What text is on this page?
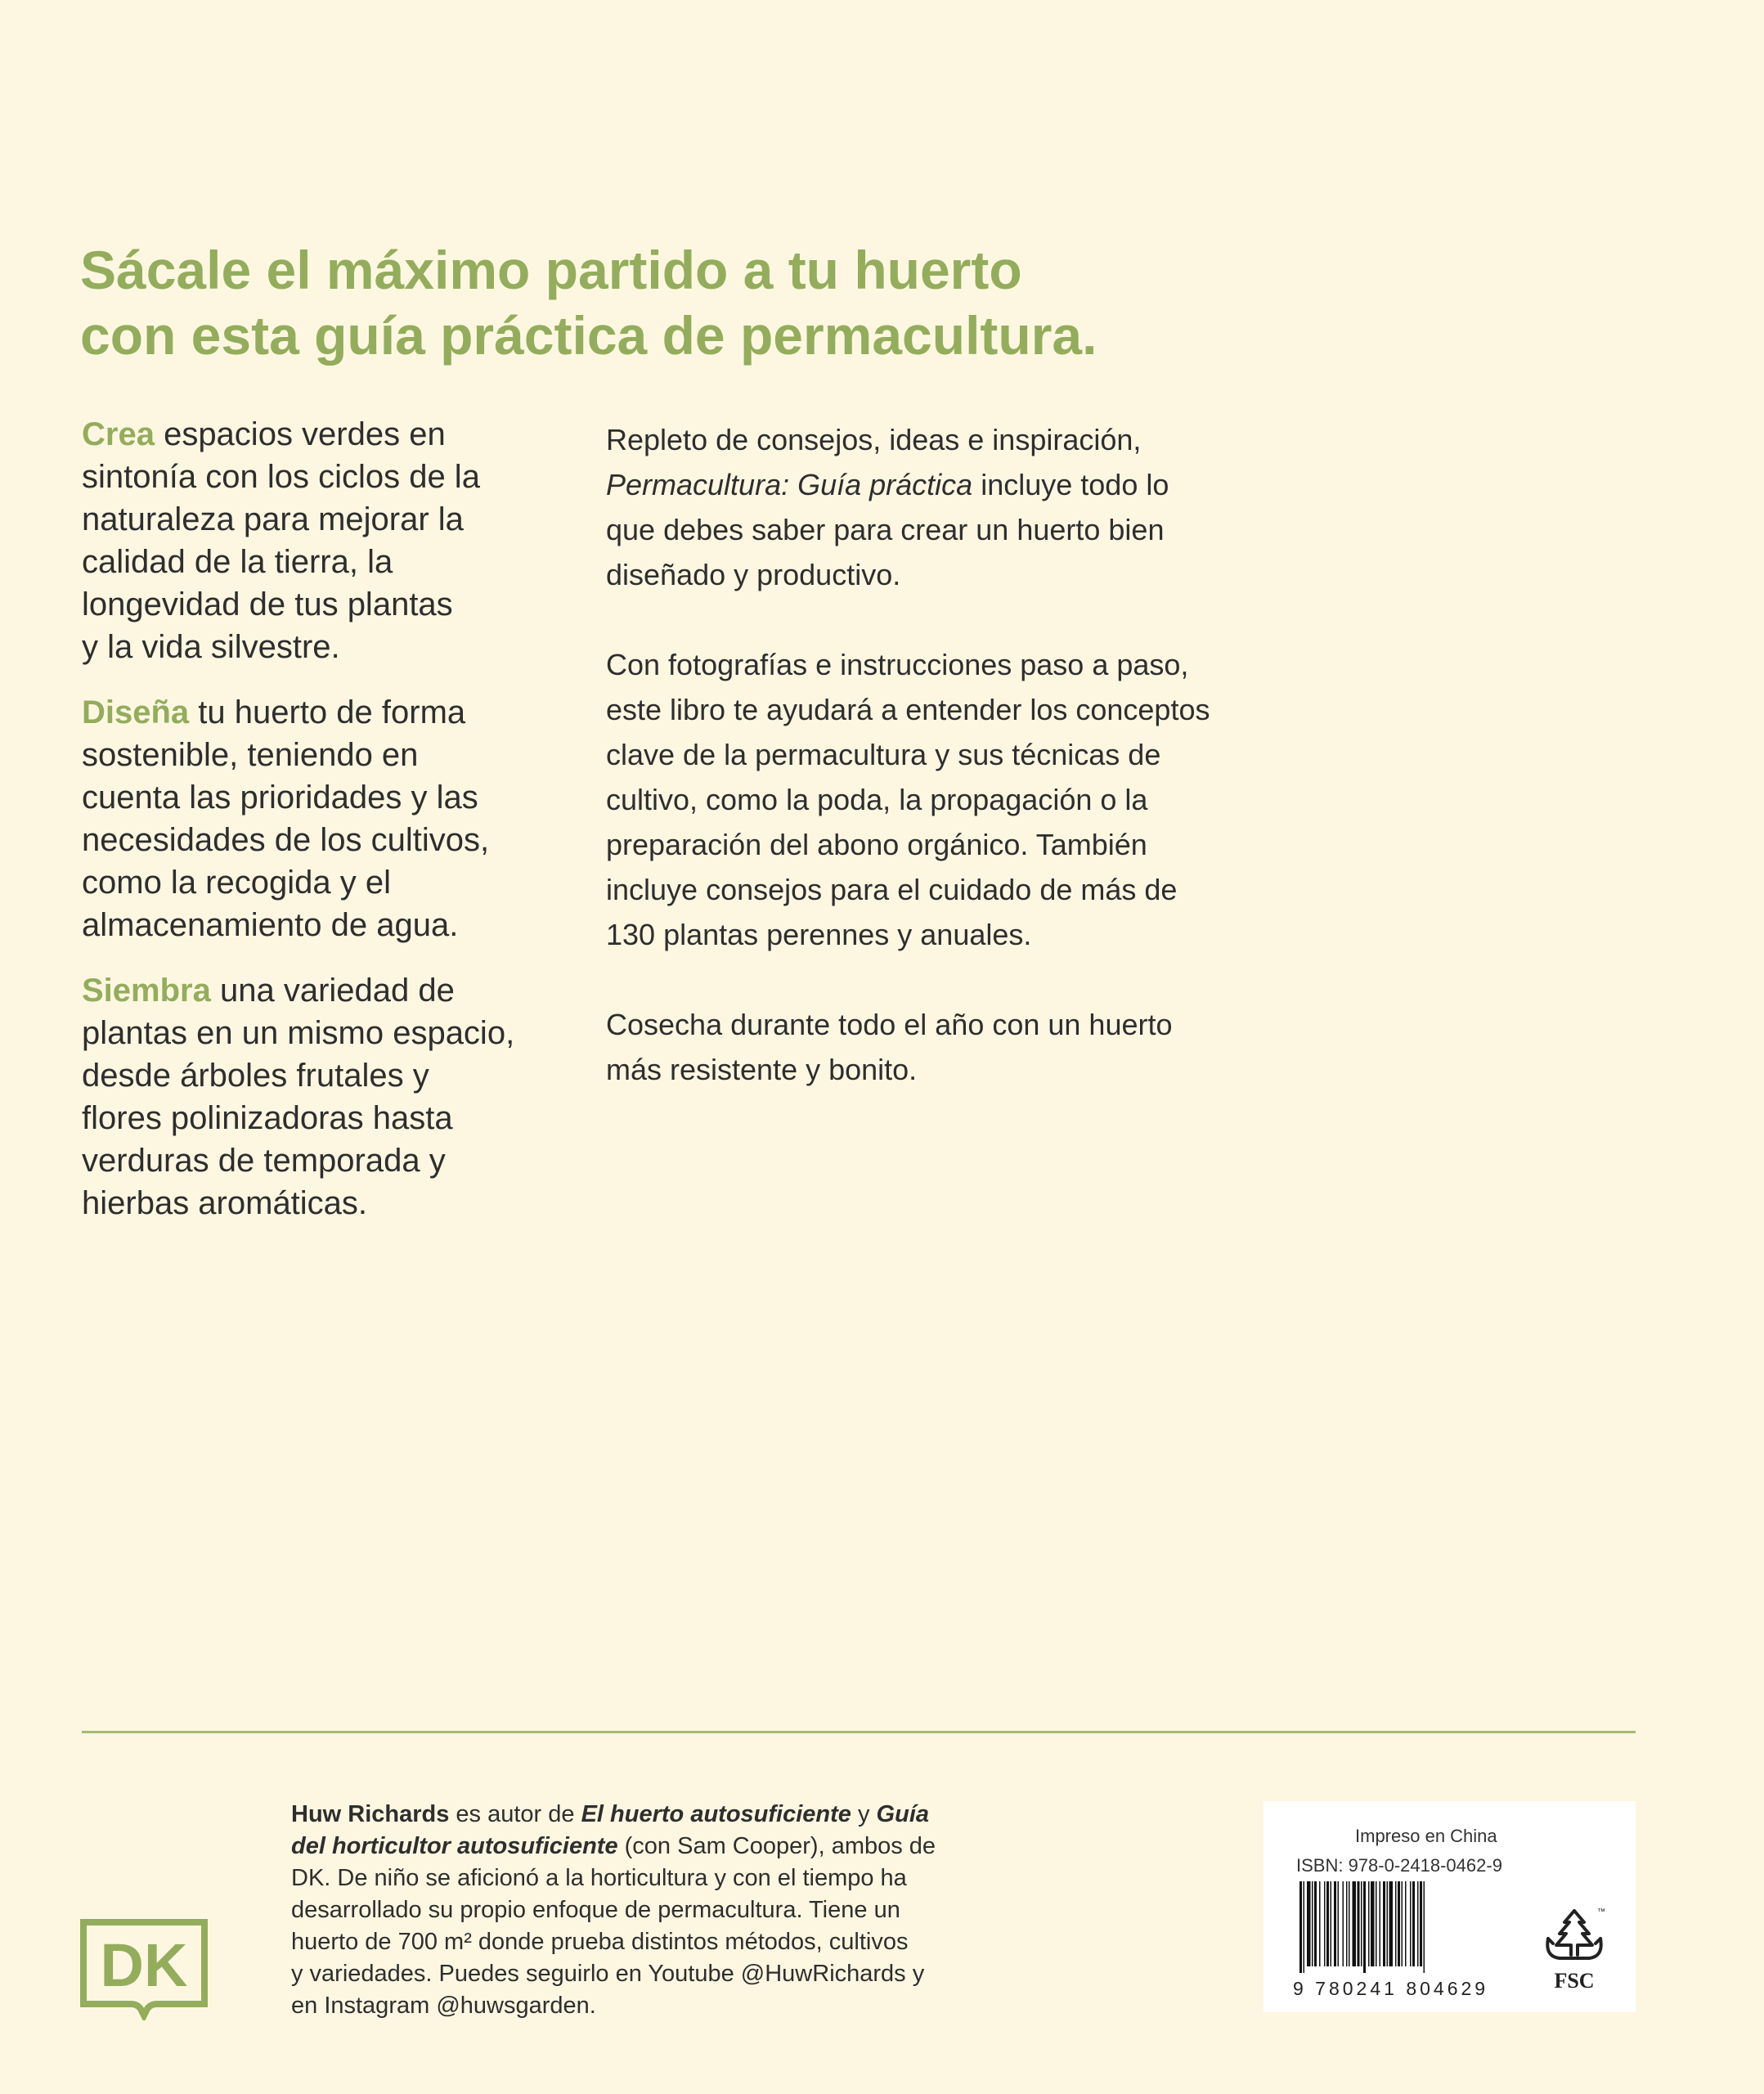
Sácale el máximo partido a tu huerto
con esta guía práctica de permacultura.

Crea espacios verdes en
sintonía con los ciclos de la
naturaleza para mejorar la
calidad de la tierra, la
longevidad de tus plantas
y la vida silvestre.

Diseña tu huerto de forma
sostenible, teniendo en
cuenta las prioridades y las
necesidades de los cultivos,
como la recogida y el
almacenamiento de agua.

Siembra una variedad de
plantas en un mismo espacio,
desde árboles frutales y
flores polinizadoras hasta
verduras de temporada y
hierbas aromáticas.

Repleto de consejos, ideas e inspiración,
Permacultura: Guía práctica incluye todo lo
que debes saber para crear un huerto bien
diseñado y productivo.

Con fotografías e instrucciones paso a paso,
este libro te ayudará a entender los conceptos
clave de la permacultura y sus técnicas de
cultivo, como la poda, la propagación o la
preparación del abono orgánico. También
incluye consejos para el cuidado de más de
130 plantas perennes y anuales.

Cosecha durante todo el año con un huerto
más resistente y bonito.

DK
Huw Richards es autor de El huerto autosuficiente y Guía
del horticultor autosuficiente (con Sam Cooper), ambos de
DK. De niño se aficionó a la horticultura y con el tiempo ha
desarrollado su propio enfoque de permacultura. Tiene un
huerto de 700 m² donde prueba distintos métodos, cultivos
y variedades. Puedes seguirlo en Youtube @HuwRichards y
en Instagram @huwsgarden.
Impreso en China
ISBN: 978-0-2418-0462-9
9 780241 804629
™
FSC
